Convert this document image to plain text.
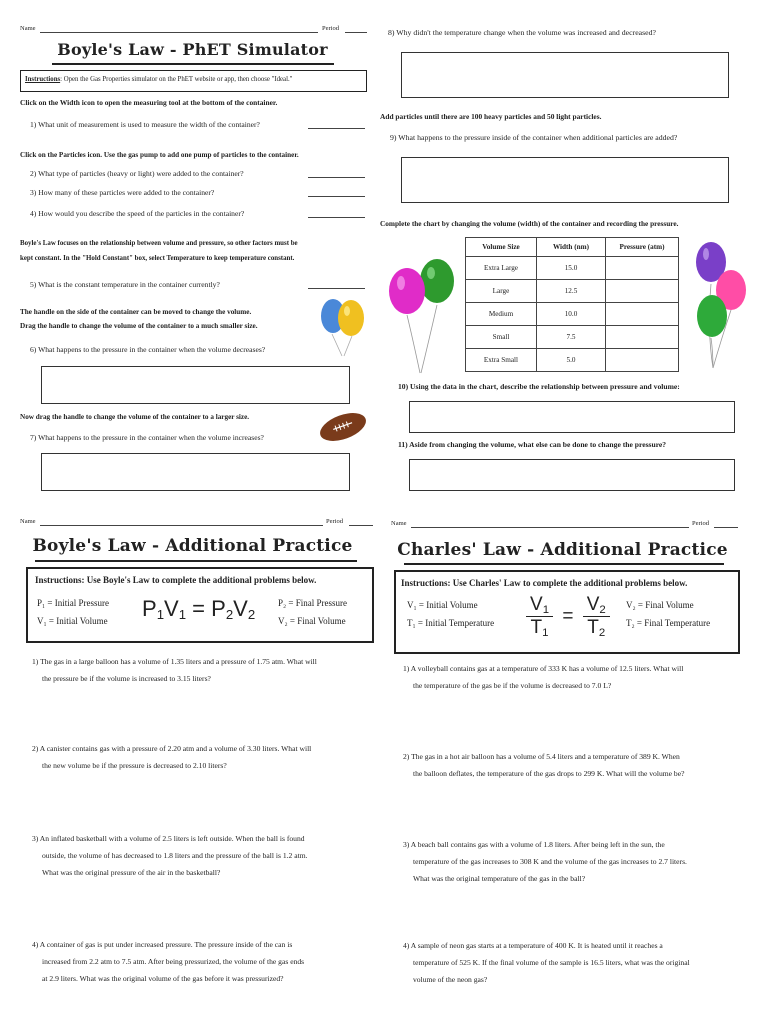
Name	Period
Boyle's Law - PhET Simulator
Instructions: Open the Gas Properties simulator on the PhET website or app, then choose "Ideal."
Click on the Width icon to open the measuring tool at the bottom of the container.
1) What unit of measurement is used to measure the width of the container?
Click on the Particles icon. Use the gas pump to add one pump of particles to the container.
2) What type of particles (heavy or light) were added to the container?
3) How many of these particles were added to the container?
4) How would you describe the speed of the particles in the container?
Boyle's Law focuses on the relationship between volume and pressure, so other factors must be
kept constant. In the "Hold Constant" box, select Temperature to keep temperature constant.
5) What is the constant temperature in the container currently?
The handle on the side of the container can be moved to change the volume.
Drag the handle to change the volume of the container to a much smaller size.
6) What happens to the pressure in the container when the volume decreases?
Now drag the handle to change the volume of the container to a larger size.
7) What happens to the pressure in the container when the volume increases?
8) Why didn't the temperature change when the volume was increased and decreased?
Add particles until there are 100 heavy particles and 50 light particles.
9) What happens to the pressure inside of the container when additional particles are added?
Complete the chart by changing the volume (width) of the container and recording the pressure.
Volume Size	Width (nm)	Pressure (atm)
Extra Large	15.0	
Large	12.5	
Medium	10.0	
Small	7.5	
Extra Small	5.0	
10) Using the data in the chart, describe the relationship between pressure and volume:
11) Aside from changing the volume, what else can be done to change the pressure?
Name	Period
Boyle's Law - Additional Practice
Instructions: Use Boyle's Law to complete the additional problems below.
P₁ = Initial Pressure
V₁ = Initial Volume $P_1V_1 = P_2V_2$
P₂ = Final Pressure
V₂ = Final Volume
1) The gas in a large balloon has a volume of 1.35 liters and a pressure of 1.75 atm. What will
the pressure be if the volume is increased to 3.15 liters?
2) A canister contains gas with a pressure of 2.20 atm and a volume of 3.30 liters. What will
the new volume be if the pressure is decreased to 2.10 liters?
3) An inflated basketball with a volume of 2.5 liters is left outside. When the ball is found
outside, the volume of has decreased to 1.8 liters and the pressure of the ball is 1.2 atm.
What was the original pressure of the air in the basketball?
4) A container of gas is put under increased pressure. The pressure inside of the can is
increased from 2.2 atm to 7.5 atm. After being pressurized, the volume of the gas ends
at 2.9 liters. What was the original volume of the gas before it was pressurized?
Name	Period
Charles' Law - Additional Practice
Instructions: Use Charles' Law to complete the additional problems below.
V₁ = Initial Volume
T₁ = Initial Temperature $\frac{V_1}{T_1} = \frac{V_2}{T_2} V_2$ = Final Volume
T₂ = Final Temperature
1) A volleyball contains gas at a temperature of 333 K has a volume of 12.5 liters. What will
the temperature of the gas be if the volume is decreased to 7.0 L?
2) The gas in a hot air balloon has a volume of 5.4 liters and a temperature of 389 K. When
the balloon deflates, the temperature of the gas drops to 299 K. What will the volume be?
3) A beach ball contains gas with a volume of 1.8 liters. After being left in the sun, the
temperature of the gas increases to 308 K and the volume of the gas increases to 2.7 liters.
What was the original temperature of the gas in the ball?
4) A sample of neon gas starts at a temperature of 400 K. It is heated until it reaches a
temperature of 525 K. If the final volume of the sample is 16.5 liters, what was the original
volume of the neon gas?
